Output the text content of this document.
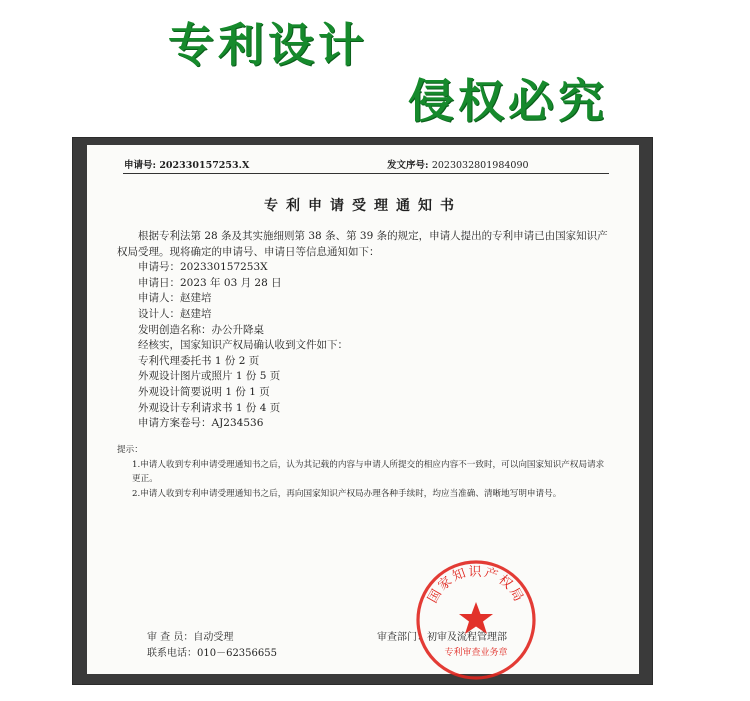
专利设计
侵权必究
申请号: 202330157253.X	发文序号: 2023032801984090
专利申请受理通知书
根据专利法第 28 条及其实施细则第 38 条、第 39 条的规定，申请人提出的专利申请已由国家知识产权局受理。现将确定的申请号、申请日等信息通知如下：
申请号：202330157253X
申请日：2023 年 03 月 28 日
申请人：赵建培
设计人：赵建培
发明创造名称：办公升降桌
经核实，国家知识产权局确认收到文件如下：
专利代理委托书 1 份 2 页
外观设计图片或照片 1 份 5 页
外观设计简要说明 1 份 1 页
外观设计专利请求书 1 份 4 页
申请方案卷号：AJ234536
提示：
1.申请人收到专利申请受理通知书之后，认为其记载的内容与申请人所提交的相应内容不一致时，可以向国家知识产权局请求更正。
2.申请人收到专利申请受理通知书之后，再向国家知识产权局办理各种手续时，均应当准确、清晰地写明申请号。
审 查 员：自动受理
联系电话：010－62356655
审查部门：初审及流程管理部
国家知识产权局
专利审查业务章
